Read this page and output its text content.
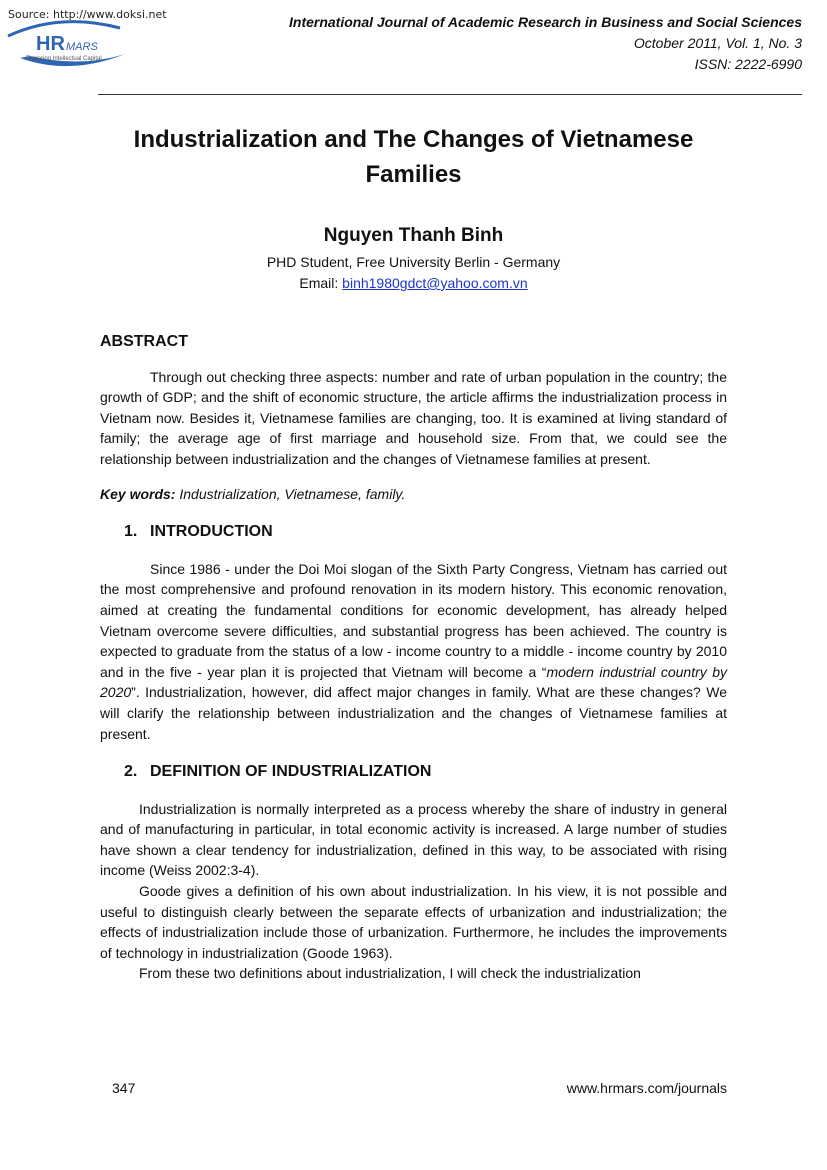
Source: http://www.doksi.net
HR MARS
Exploring Intellectual Capital
International Journal of Academic Research in Business and Social Sciences
October 2011, Vol. 1, No. 3
ISSN: 2222-6990
Industrialization and The Changes of Vietnamese Families
Nguyen Thanh Binh
PHD Student, Free University Berlin - Germany
Email: binh1980gdct@yahoo.com.vn
ABSTRACT

Through out checking three aspects: number and rate of urban population in the country; the growth of GDP; and the shift of economic structure, the article affirms the industrialization process in Vietnam now. Besides it, Vietnamese families are changing, too. It is examined at living standard of family; the average age of first marriage and household size. From that, we could see the relationship between industrialization and the changes of Vietnamese families at present.

Key words: Industrialization, Vietnamese, family.

1. INTRODUCTION

Since 1986 - under the Doi Moi slogan of the Sixth Party Congress, Vietnam has carried out the most comprehensive and profound renovation in its modern history. This economic renovation, aimed at creating the fundamental conditions for economic development, has already helped Vietnam overcome severe difficulties, and substantial progress has been achieved. The country is expected to graduate from the status of a low - income country to a middle - income country by 2010 and in the five - year plan it is projected that Vietnam will become a “modern industrial country by 2020”. Industrialization, however, did affect major changes in family. What are these changes? We will clarify the relationship between industrialization and the changes of Vietnamese families at present.

2. DEFINITION OF INDUSTRIALIZATION

Industrialization is normally interpreted as a process whereby the share of industry in general and of manufacturing in particular, in total economic activity is increased. A large number of studies have shown a clear tendency for industrialization, defined in this way, to be associated with rising income (Weiss 2002:3-4).

Goode gives a definition of his own about industrialization. In his view, it is not possible and useful to distinguish clearly between the separate effects of urbanization and industrialization; the effects of industrialization include those of urbanization. Furthermore, he includes the improvements of technology in industrialization (Goode 1963).

From these two definitions about industrialization, I will check the industrialization

347	www.hrmars.com/journals
